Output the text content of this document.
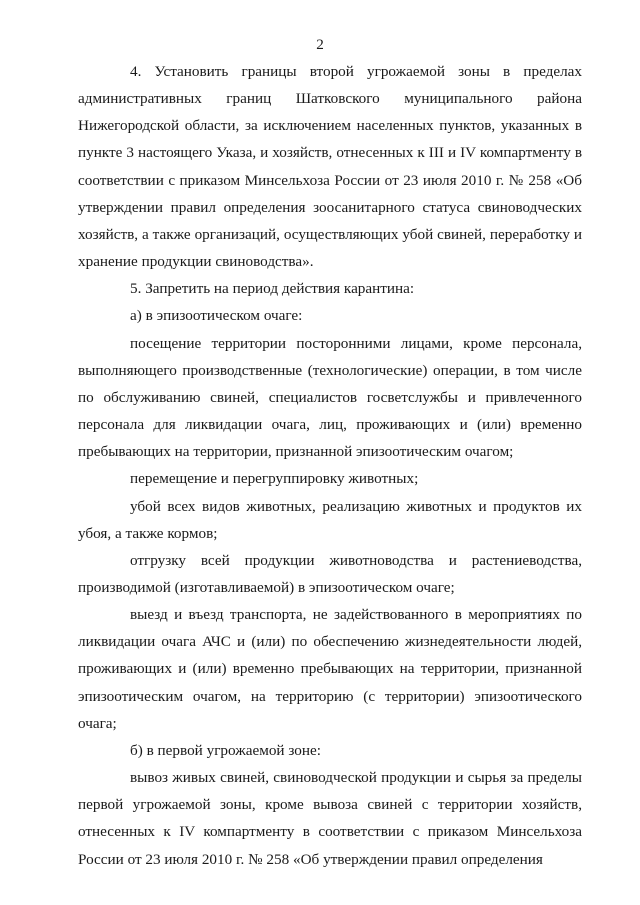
2

4. Установить границы второй угрожаемой зоны в пределах административных границ Шатковского муниципального района Нижегородской области, за исключением населенных пунктов, указанных в пункте 3 настоящего Указа, и хозяйств, отнесенных к III и IV компартменту в соответствии с приказом Минсельхоза России от 23 июля 2010 г. № 258 «Об утверждении правил определения зоосанитарного статуса свиноводческих хозяйств, а также организаций, осуществляющих убой свиней, переработку и хранение продукции свиноводства».

5. Запретить на период действия карантина:

а) в эпизоотическом очаге:

посещение территории посторонними лицами, кроме персонала, выполняющего производственные (технологические) операции, в том числе по обслуживанию свиней, специалистов госветслужбы и привлеченного персонала для ликвидации очага, лиц, проживающих и (или) временно пребывающих на территории, признанной эпизоотическим очагом;

перемещение и перегруппировку животных;

убой всех видов животных, реализацию животных и продуктов их убоя, а также кормов;

отгрузку всей продукции животноводства и растениеводства, производимой (изготавливаемой) в эпизоотическом очаге;

выезд и въезд транспорта, не задействованного в мероприятиях по ликвидации очага АЧС и (или) по обеспечению жизнедеятельности людей, проживающих и (или) временно пребывающих на территории, признанной эпизоотическим очагом, на территорию (с территории) эпизоотического очага;

б) в первой угрожаемой зоне:

вывоз живых свиней, свиноводческой продукции и сырья за пределы первой угрожаемой зоны, кроме вывоза свиней с территории хозяйств, отнесенных к IV компартменту в соответствии с приказом Минсельхоза России от 23 июля 2010 г. № 258 «Об утверждении правил определения
